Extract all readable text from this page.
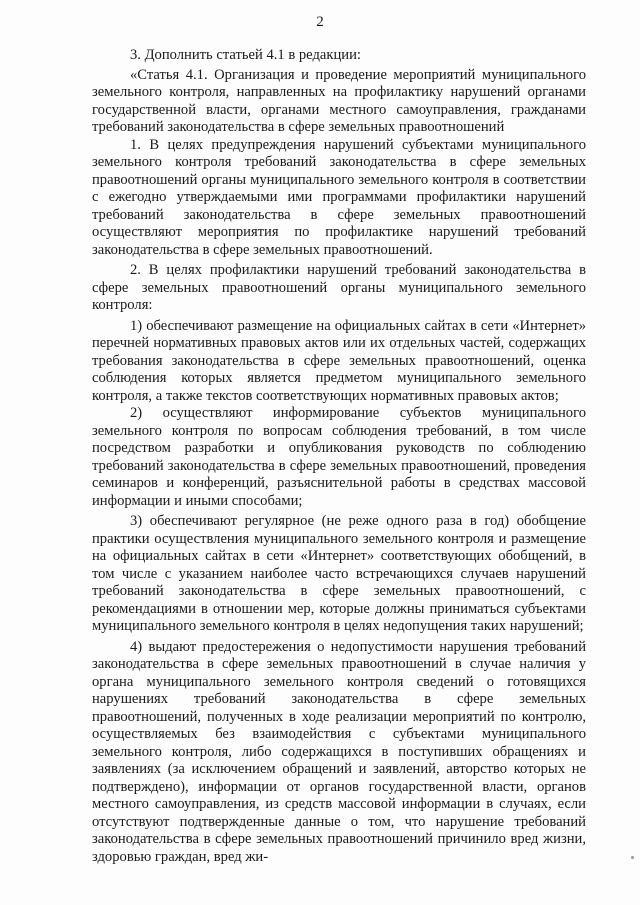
2

3. Дополнить статьей 4.1 в редакции:

«Статья 4.1. Организация и проведение мероприятий муниципального земельного контроля, направленных на профилактику нарушений органами государственной власти, органами местного самоуправления, гражданами требований законодательства в сфере земельных правоотношений

1. В целях предупреждения нарушений субъектами муниципального земельного контроля требований законодательства в сфере земельных правоотношений органы муниципального земельного контроля в соответствии с ежегодно утверждаемыми ими программами профилактики нарушений требований законодательства в сфере земельных правоотношений осуществляют мероприятия по профилактике нарушений требований законодательства в сфере земельных правоотношений.

2. В целях профилактики нарушений требований законодательства в сфере земельных правоотношений органы муниципального земельного контроля:

1) обеспечивают размещение на официальных сайтах в сети «Интернет» перечней нормативных правовых актов или их отдельных частей, содержащих требования законодательства в сфере земельных правоотношений, оценка соблюдения которых является предметом муниципального земельного контроля, а также текстов соответствующих нормативных правовых актов;

2) осуществляют информирование субъектов муниципального земельного контроля по вопросам соблюдения требований, в том числе посредством разработки и опубликования руководств по соблюдению требований законодательства в сфере земельных правоотношений, проведения семинаров и конференций, разъяснительной работы в средствах массовой информации и иными способами;

3) обеспечивают регулярное (не реже одного раза в год) обобщение практики осуществления муниципального земельного контроля и размещение на официальных сайтах в сети «Интернет» соответствующих обобщений, в том числе с указанием наиболее часто встречающихся случаев нарушений требований законодательства в сфере земельных правоотношений, с рекомендациями в отношении мер, которые должны приниматься субъектами муниципального земельного контроля в целях недопущения таких нарушений;

4) выдают предостережения о недопустимости нарушения требований законодательства в сфере земельных правоотношений в случае наличия у органа муниципального земельного контроля сведений о готовящихся нарушениях требований законодательства в сфере земельных правоотношений, полученных в ходе реализации мероприятий по контролю, осуществляемых без взаимодействия с субъектами муниципального земельного контроля, либо содержащихся в поступивших обращениях и заявлениях (за исключением обращений и заявлений, авторство которых не подтверждено), информации от органов государственной власти, органов местного самоуправления, из средств массовой информации в случаях, если отсутствуют подтвержденные данные о том, что нарушение требований законодательства в сфере земельных правоотношений причинило вред жизни, здоровью граждан, вред жи-
